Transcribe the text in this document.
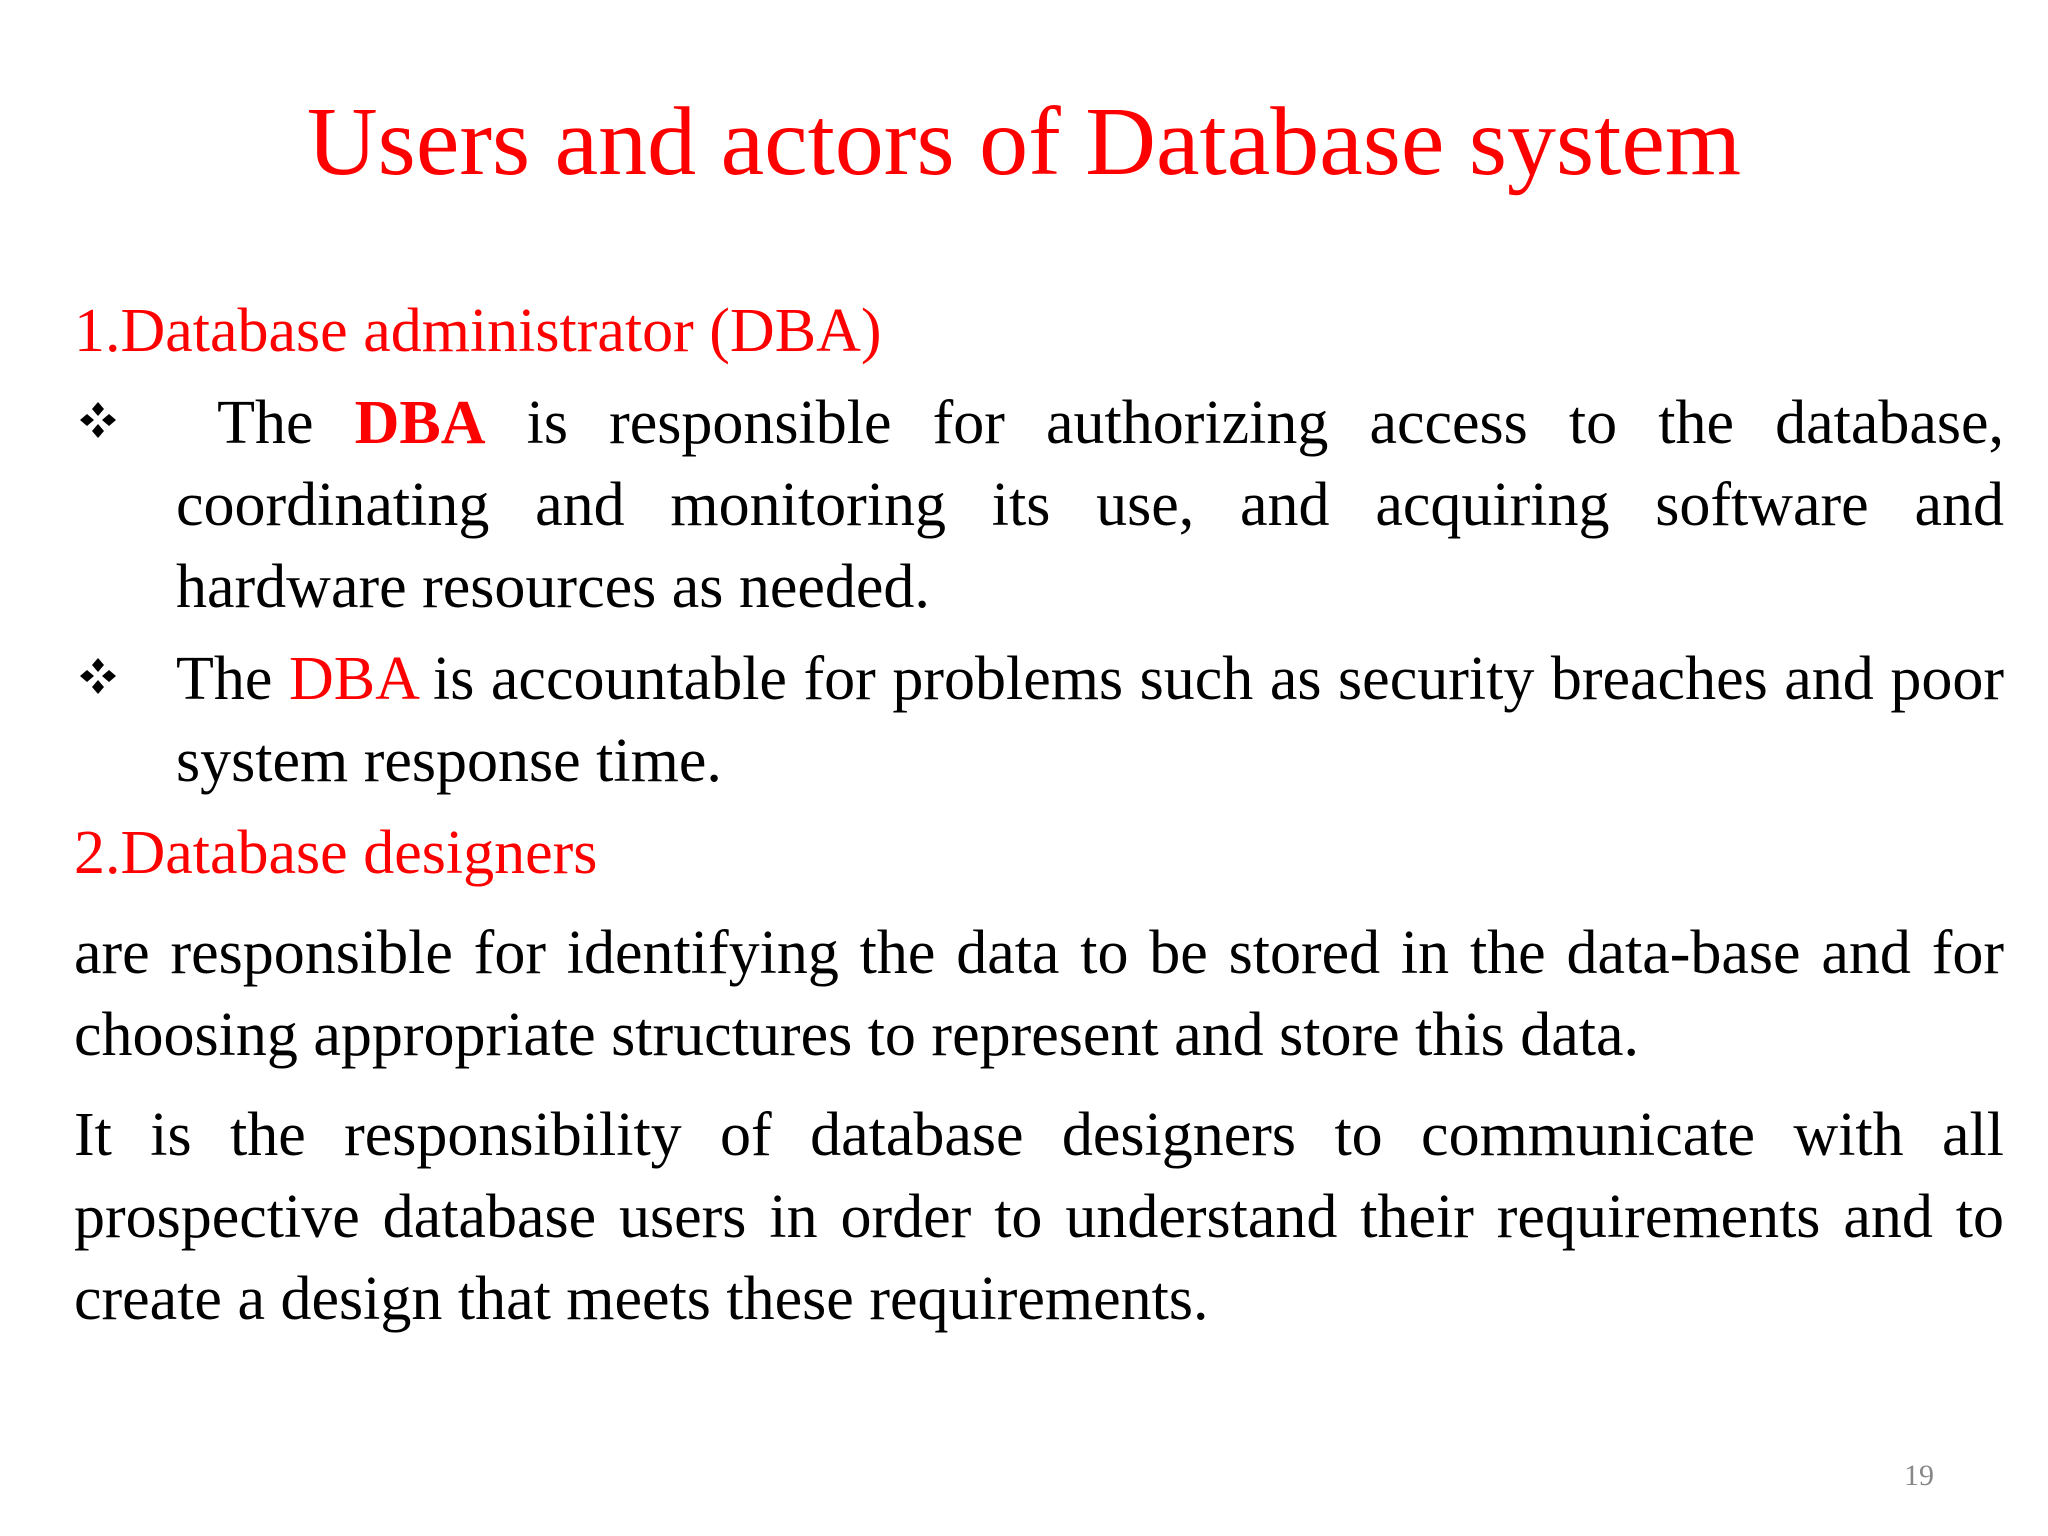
Users and actors of Database system

1.Database administrator (DBA)

The DBA is responsible for authorizing access to the database, coordinating and monitoring its use, and acquiring software and hardware resources as needed.

The DBA is accountable for problems such as security breaches and poor system response time.

2.Database designers

are responsible for identifying the data to be stored in the data-base and for choosing appropriate structures to represent and store this data.

It is the responsibility of database designers to communicate with all prospective database users in order to understand their requirements and to create a design that meets these requirements.

19
